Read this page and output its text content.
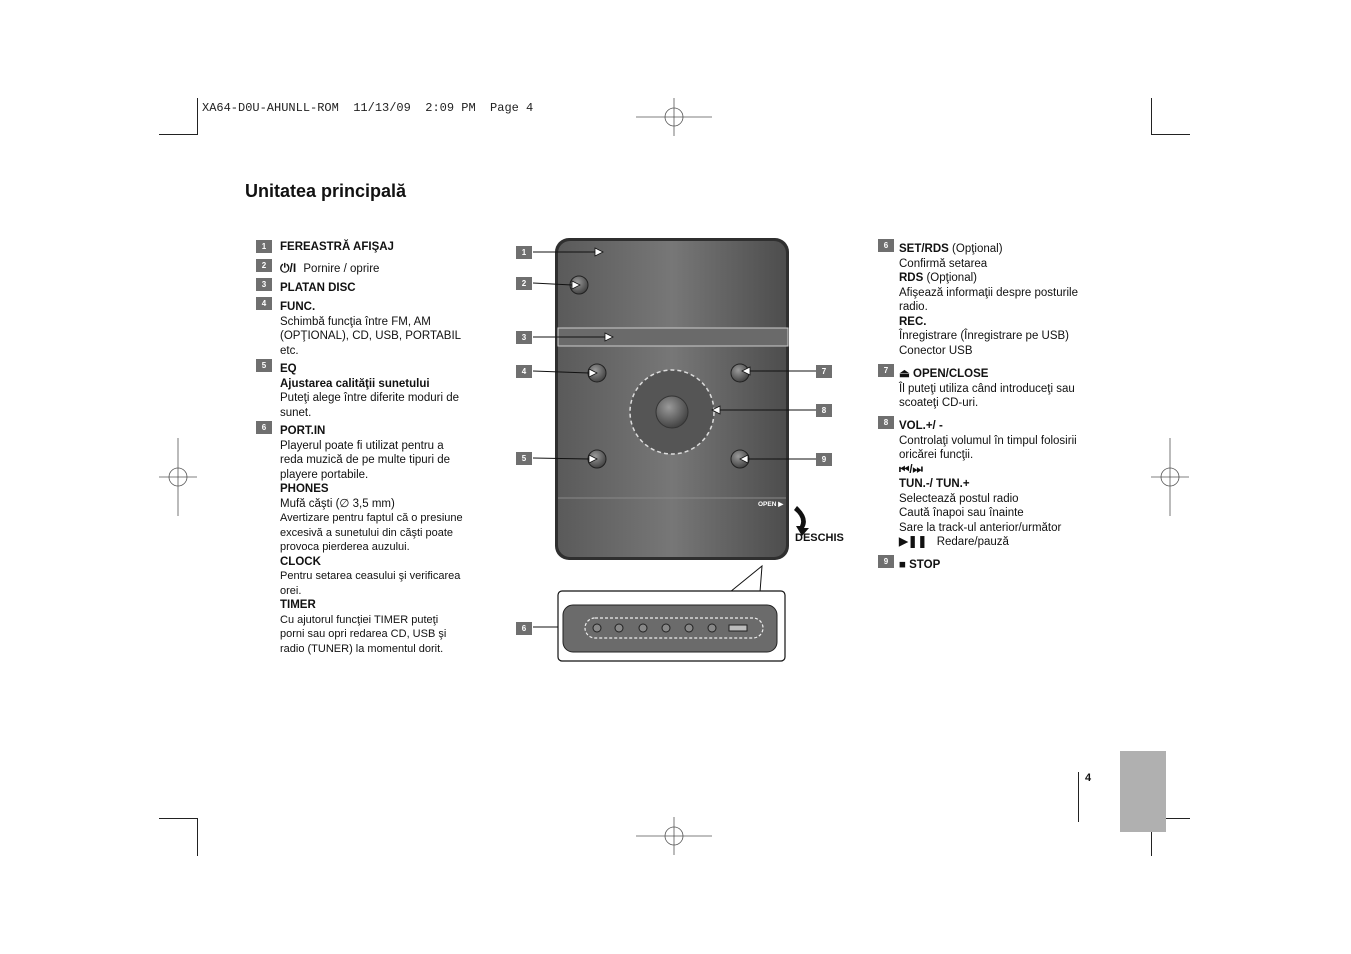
XA64-D0U-AHUNLL-ROM  11/13/09  2:09 PM  Page 4
Unitatea principală
1	FEREASTRĂ AFIŞAJ
2	⏻/I Pornire / oprire
3	PLATAN DISC
4	FUNC.
Schimbă funcţia între FM, AM
(OPŢIONAL), CD, USB, PORTABIL
etc.
5	EQ
Ajustarea calităţii sunetului
Puteţi alege între diferite moduri de
sunet.
6	PORT.IN
Playerul poate fi utilizat pentru a
reda muzică de pe multe tipuri de
playere portabile.
PHONES
Mufă căşti (∅ 3,5 mm)
Avertizare pentru faptul că o presiune
excesivă a sunetului din căşti poate
provoca pierderea auzului.
CLOCK
Pentru setarea ceasului şi verificarea
orei.
TIMER
Cu ajutorul funcţiei TIMER puteţi
porni sau opri redarea CD, USB şi
radio (TUNER) la momentul dorit.
OPEN ▶
1
2
3
4
5
6
7
8
9
DESCHIS
6 SET/RDS (Opţional)
Confirmă setarea
RDS (Opţional)
Afişează informaţii despre posturile
radio.
REC.
Înregistrare (Înregistrare pe USB)
Conector USB
7 ⏏ OPEN/CLOSE
Îl puteţi utiliza când introduceţi sau
scoateţi CD-uri.
8 VOL.+/ -
Controlaţi volumul în timpul folosirii
oricărei funcţii.
⏮/⏭
TUN.-/ TUN.+
Selectează postul radio
Caută înapoi sau înainte
Sare la track-ul anterior/următor
▶❚❚   Redare/pauză
9 ■ STOP
4
